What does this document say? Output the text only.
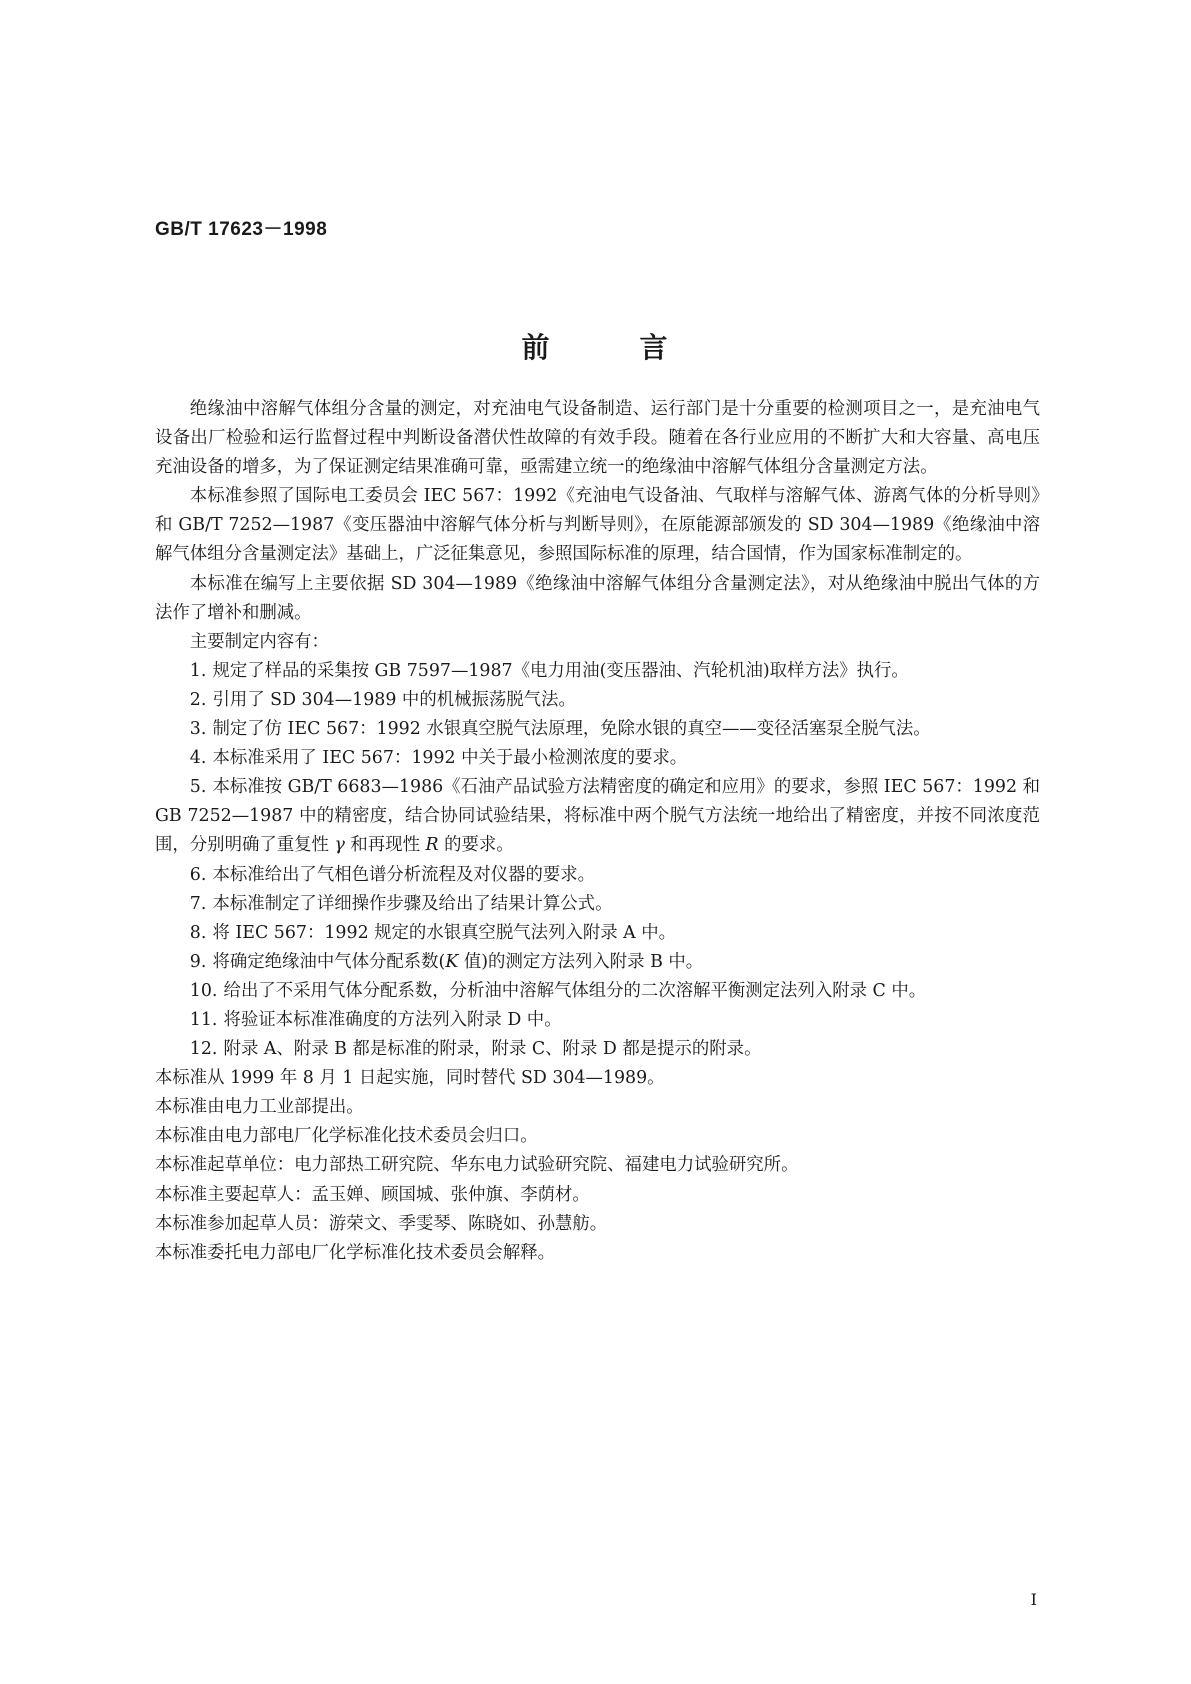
GB/T 17623－1998
前	言

绝缘油中溶解气体组分含量的测定，对充油电气设备制造、运行部门是十分重要的检测项目之一，是充油电气设备出厂检验和运行监督过程中判断设备潜伏性故障的有效手段。随着在各行业应用的不断扩大和大容量、高电压充油设备的增多，为了保证测定结果准确可靠，亟需建立统一的绝缘油中溶解气体组分含量测定方法。

本标准参照了国际电工委员会 IEC 567：1992《充油电气设备油、气取样与溶解气体、游离气体的分析导则》和 GB/T 7252—1987《变压器油中溶解气体分析与判断导则》，在原能源部颁发的 SD 304—1989《绝缘油中溶解气体组分含量测定法》基础上，广泛征集意见，参照国际标准的原理，结合国情，作为国家标准制定的。

本标准在编写上主要依据 SD 304—1989《绝缘油中溶解气体组分含量测定法》，对从绝缘油中脱出气体的方法作了增补和删减。

主要制定内容有：

1. 规定了样品的采集按 GB 7597—1987《电力用油(变压器油、汽轮机油)取样方法》执行。

2. 引用了 SD 304—1989 中的机械振荡脱气法。

3. 制定了仿 IEC 567：1992 水银真空脱气法原理，免除水银的真空——变径活塞泵全脱气法。

4. 本标准采用了 IEC 567：1992 中关于最小检测浓度的要求。

5. 本标准按 GB/T 6683—1986《石油产品试验方法精密度的确定和应用》的要求，参照 IEC 567：1992 和 GB 7252—1987 中的精密度，结合协同试验结果，将标准中两个脱气方法统一地给出了精密度，并按不同浓度范围，分别明确了重复性 γ 和再现性 R 的要求。

6. 本标准给出了气相色谱分析流程及对仪器的要求。

7. 本标准制定了详细操作步骤及给出了结果计算公式。

8. 将 IEC 567：1992 规定的水银真空脱气法列入附录 A 中。

9. 将确定绝缘油中气体分配系数(K 值)的测定方法列入附录 B 中。

10. 给出了不采用气体分配系数，分析油中溶解气体组分的二次溶解平衡测定法列入附录 C 中。

11. 将验证本标准准确度的方法列入附录 D 中。

12. 附录 A、附录 B 都是标准的附录，附录 C、附录 D 都是提示的附录。

本标准从 1999 年 8 月 1 日起实施，同时替代 SD 304—1989。

本标准由电力工业部提出。

本标准由电力部电厂化学标准化技术委员会归口。

本标准起草单位：电力部热工研究院、华东电力试验研究院、福建电力试验研究所。

本标准主要起草人：孟玉婵、顾国城、张仲旗、李荫材。

本标准参加起草人员：游荣文、季雯琴、陈晓如、孙慧舫。

本标准委托电力部电厂化学标准化技术委员会解释。

I
